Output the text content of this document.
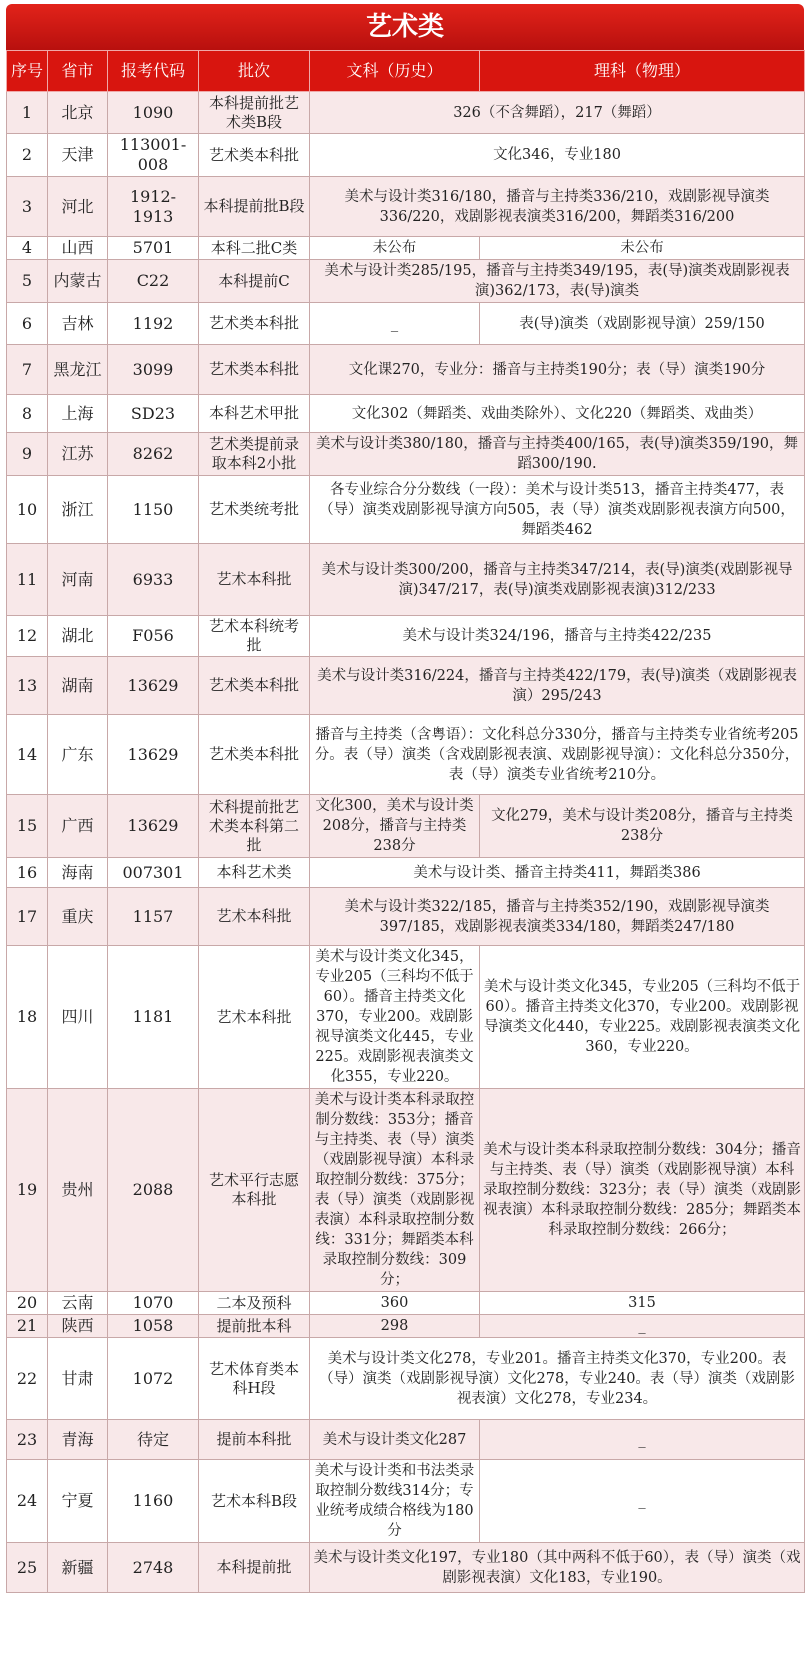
艺术类
序号	省市	报考代码	批次	文科（历史）	理科（物理）
1	北京	1090	本科提前批艺术类B段	326（不含舞蹈），217（舞蹈）	
2	天津	113001-008	艺术类本科批	文化346，专业180	
3	河北	1912-1913	本科提前批B段	美术与设计类316/180，播音与主持类336/210，戏剧影视导演类336/220，戏剧影视表演类316/200，舞蹈类316/200	
4	山西	5701	本科二批C类	未公布	未公布
5	内蒙古	C22	本科提前C	美术与设计类285/195，播音与主持类349/195，表(导)演类戏剧影视表演)362/173，表(导)演类	
6	吉林	1192	艺术类本科批	_	表(导)演类（戏剧影视导演）259/150
7	黑龙江	3099	艺术类本科批	文化课270，专业分：播音与主持类190分；表（导）演类190分	
8	上海	SD23	本科艺术甲批	文化302（舞蹈类、戏曲类除外）、文化220（舞蹈类、戏曲类）	
9	江苏	8262	艺术类提前录取本科2小批	美术与设计类380/180，播音与主持类400/165，表(导)演类359/190，舞蹈300/190.	
10	浙江	1150	艺术类统考批	各专业综合分分数线（一段）：美术与设计类513，播音主持类477，表（导）演类戏剧影视导演方向505，表（导）演类戏剧影视表演方向500，舞蹈类462	
11	河南	6933	艺术本科批	美术与设计类300/200，播音与主持类347/214，表(导)演类(戏剧影视导演)347/217，表(导)演类戏剧影视表演)312/233	
12	湖北	F056	艺术本科统考批	美术与设计类324/196，播音与主持类422/235	
13	湖南	13629	艺术类本科批	美术与设计类316/224，播音与主持类422/179，表(导)演类（戏剧影视表演）295/243	
14	广东	13629	艺术类本科批	播音与主持类（含粤语）：文化科总分330分，播音与主持类专业省统考205分。表（导）演类（含戏剧影视表演、戏剧影视导演）：文化科总分350分，表（导）演类专业省统考210分。	
15	广西	13629	术科提前批艺术类本科第二批	文化300，美术与设计类208分，播音与主持类238分	文化279，美术与设计类208分，播音与主持类238分
16	海南	007301	本科艺术类	美术与设计类、播音主持类411，舞蹈类386	
17	重庆	1157	艺术本科批	美术与设计类322/185，播音与主持类352/190，戏剧影视导演类397/185，戏剧影视表演类334/180，舞蹈类247/180	
18	四川	1181	艺术本科批	美术与设计类文化345，专业205（三科均不低于60）。播音主持类文化370，专业200。戏剧影视导演类文化445，专业225。戏剧影视表演类文化355，专业220。	美术与设计类文化345，专业205（三科均不低于60）。播音主持类文化370，专业200。戏剧影视导演类文化440，专业225。戏剧影视表演类文化360，专业220。
19	贵州	2088	艺术平行志愿本科批	美术与设计类本科录取控制分数线：353分；播音与主持类、表（导）演类（戏剧影视导演）本科录取控制分数线：375分；表（导）演类（戏剧影视表演）本科录取控制分数线：331分；舞蹈类本科录取控制分数线：309分；	美术与设计类本科录取控制分数线：304分；播音与主持类、表（导）演类（戏剧影视导演）本科录取控制分数线：323分；表（导）演类（戏剧影视表演）本科录取控制分数线：285分；舞蹈类本科录取控制分数线：266分；
20	云南	1070	二本及预科	360	315
21	陕西	1058	提前批本科	298	_
22	甘肃	1072	艺术体育类本科H段	美术与设计类文化278，专业201。播音主持类文化370，专业200。表（导）演类（戏剧影视导演）文化278，专业240。表（导）演类（戏剧影视表演）文化278，专业234。	
23	青海	待定	提前本科批	美术与设计类文化287	_
24	宁夏	1160	艺术本科B段	美术与设计类和书法类录取控制分数线314分；专业统考成绩合格线为180分	_
25	新疆	2748	本科提前批	美术与设计类文化197，专业180（其中两科不低于60），表（导）演类（戏剧影视表演）文化183，专业190。	
